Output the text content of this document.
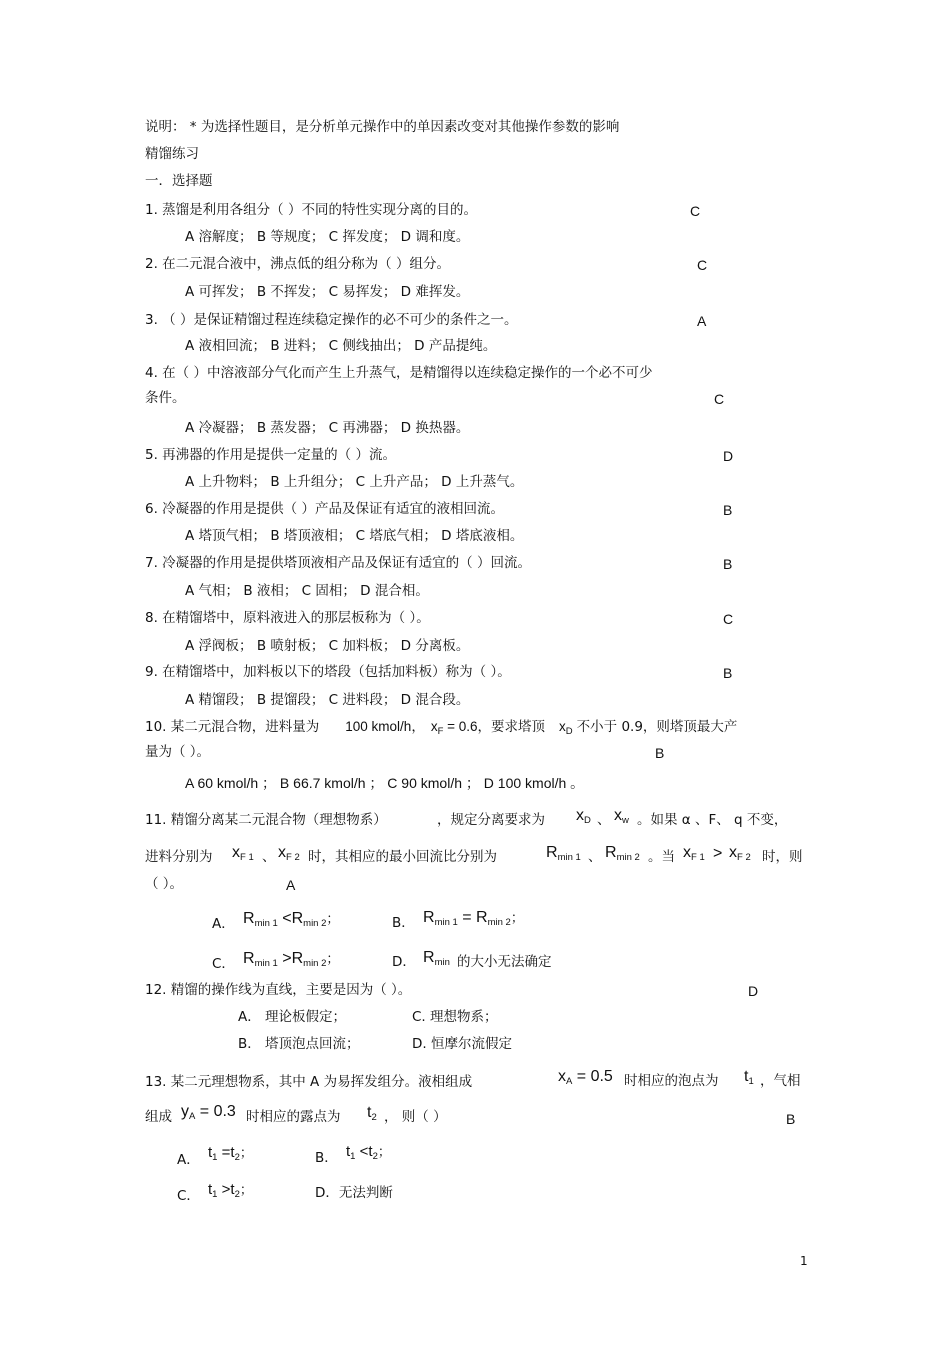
说明： * 为选择性题目，是分析单元操作中的单因素改变对其他操作参数的影响
精馏练习
一．选择题
1. 蒸馏是利用各组分（ ）不同的特性实现分离的目的。	C
A 溶解度； B 等规度； C 挥发度； D 调和度。
2. 在二元混合液中，沸点低的组分称为（ ）组分。	C
A 可挥发； B 不挥发； C 易挥发； D 难挥发。
3. （ ）是保证精馏过程连续稳定操作的必不可少的条件之一。	A
A 液相回流； B 进料； C 侧线抽出； D 产品提纯。
4. 在（ ）中溶液部分气化而产生上升蒸气，是精馏得以连续稳定操作的一个必不可少
条件。	C
A 冷凝器； B 蒸发器； C 再沸器； D 换热器。
5. 再沸器的作用是提供一定量的（ ）流。	D
A 上升物料； B 上升组分； C 上升产品； D 上升蒸气。
6. 冷凝器的作用是提供（ ）产品及保证有适宜的液相回流。	B
A 塔顶气相； B 塔顶液相； C 塔底气相； D 塔底液相。
7. 冷凝器的作用是提供塔顶液相产品及保证有适宜的（ ）回流。	B
A 气相； B 液相； C 固相； D 混合相。
8. 在精馏塔中，原料液进入的那层板称为（ ）。	C
A 浮阀板； B 喷射板； C 加料板； D 分离板。
9. 在精馏塔中，加料板以下的塔段（包括加料板）称为（ ）。	B
A 精馏段； B 提馏段； C 进料段； D 混合段。
10. 某二元混合物，进料量为 100 kmol/h， $x_F = 0.6$，要求塔顶 $x_D$ 不小于 0.9，则塔顶最大产
量为（ ）。	B
A 60 kmol/h ； B 66.7 kmol/h ； C 90 kmol/h ； D 100 kmol/h 。
11. 精馏分离某二元混合物（理想物系）	，规定分离要求为 xD 、 xw 。如果 α 、F、 q 不变，
进料分别为 xF 1 、 xF 2 时，其相应的最小回流比分别为	Rmin 1 、 Rmin 2 。当 xF 1 > xF 2 时，则
（ ）。	A
A． Rmin 1 <Rmin 2；	B． Rmin 1 = Rmin 2；
C． Rmin 1 >Rmin 2；	D． Rmin 的大小无法确定
12. 精馏的操作线为直线，主要是因为（ ）。	D
A． 理论板假定；	C. 理想物系；
B． 塔顶泡点回流；	D. 恒摩尔流假定
13. 某二元理想物系，其中 A 为易挥发组分。液相组成	xA = 0.5 时相应的泡点为 t1 ，气相
组成 yA = 0.3 时相应的露点为 t2 ， 则（ ）	B
A． $t_1 =t_2$；	B． $t_1 <t_2$；
C． $t_1 >t_2$；	D．无法判断
1
